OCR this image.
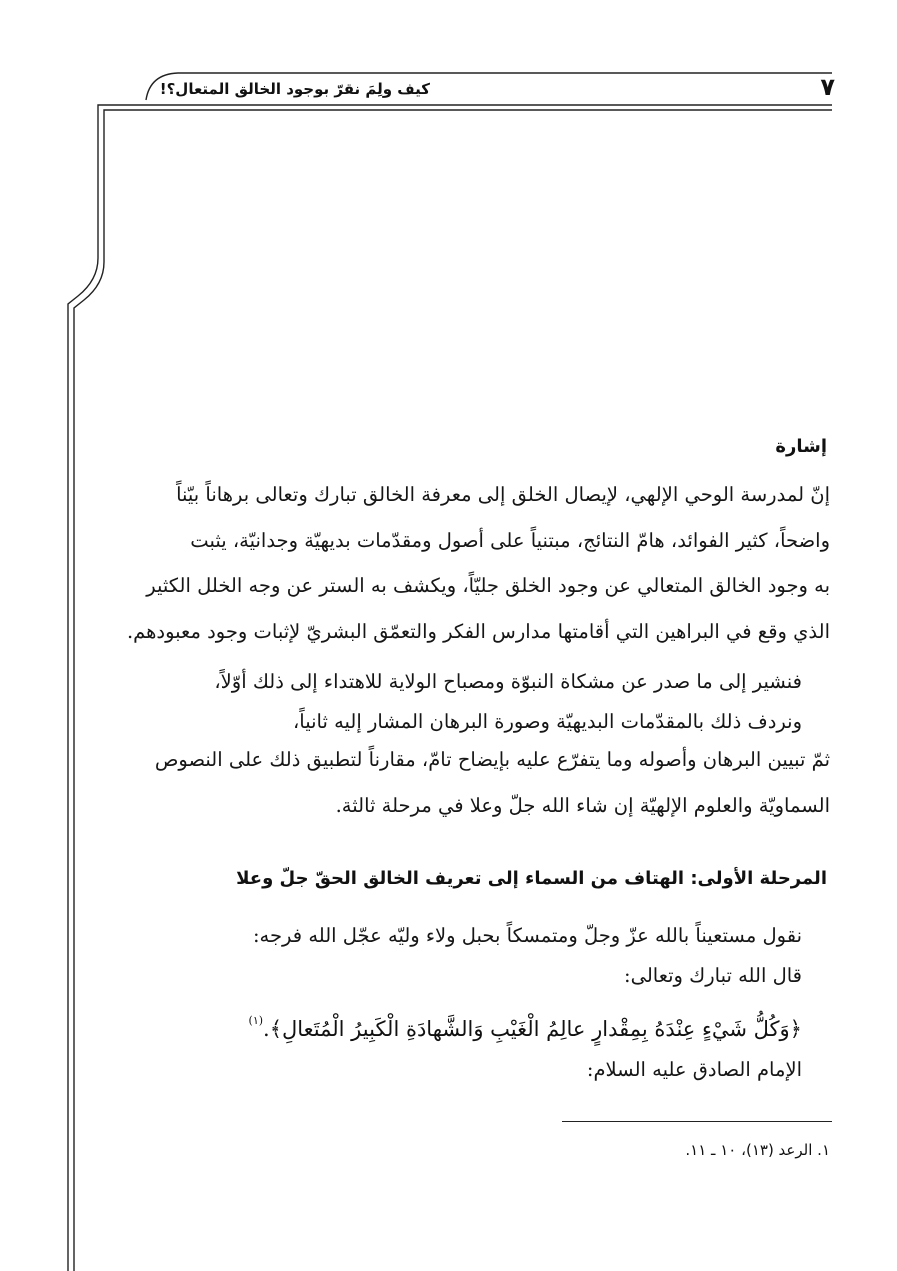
٧
كيف ولِمَ نقرّ بوجود الخالق المتعال؟!
إشارة
إنّ لمدرسة الوحي الإلهي، لإيصال الخلق إلى معرفة الخالق تبارك وتعالى برهاناً بيّناً
واضحاً، كثير الفوائد، هامّ النتائج، مبتنياً على أصول ومقدّمات بديهيّة وجدانيّة، يثبت
به وجود الخالق المتعالي عن وجود الخلق جليّاً، ويكشف به الستر عن وجه الخلل الكثير
الذي وقع في البراهين التي أقامتها مدارس الفكر والتعمّق البشريّ لإثبات وجود معبودهم.
فنشير إلى ما صدر عن مشكاة النبوّة ومصباح الولاية للاهتداء إلى ذلك أوّلاً،
ونردف ذلك بالمقدّمات البديهيّة وصورة البرهان المشار إليه ثانياً،
ثمّ تبيين البرهان وأصوله وما يتفرّع عليه بإيضاح تامّ، مقارناً لتطبيق ذلك على النصوص
السماويّة والعلوم الإلهيّة إن شاء الله جلّ وعلا في مرحلة ثالثة.
المرحلة الأولى: الهتاف من السماء إلى تعريف الخالق الحقّ جلّ وعلا
نقول مستعيناً بالله عزّ وجلّ ومتمسكاً بحبل ولاء وليّه عجّل الله فرجه:
قال الله تبارك وتعالى:
﴿وَكُلُّ شَيْءٍ عِنْدَهُ بِمِقْدارٍ عالِمُ الْغَيْبِ وَالشَّهادَةِ الْكَبِيرُ الْمُتَعالِ﴾.$^{(١)}$
الإمام الصادق عليه السلام:
١. الرعد (١٣)، ١٠ ـ ١١.
